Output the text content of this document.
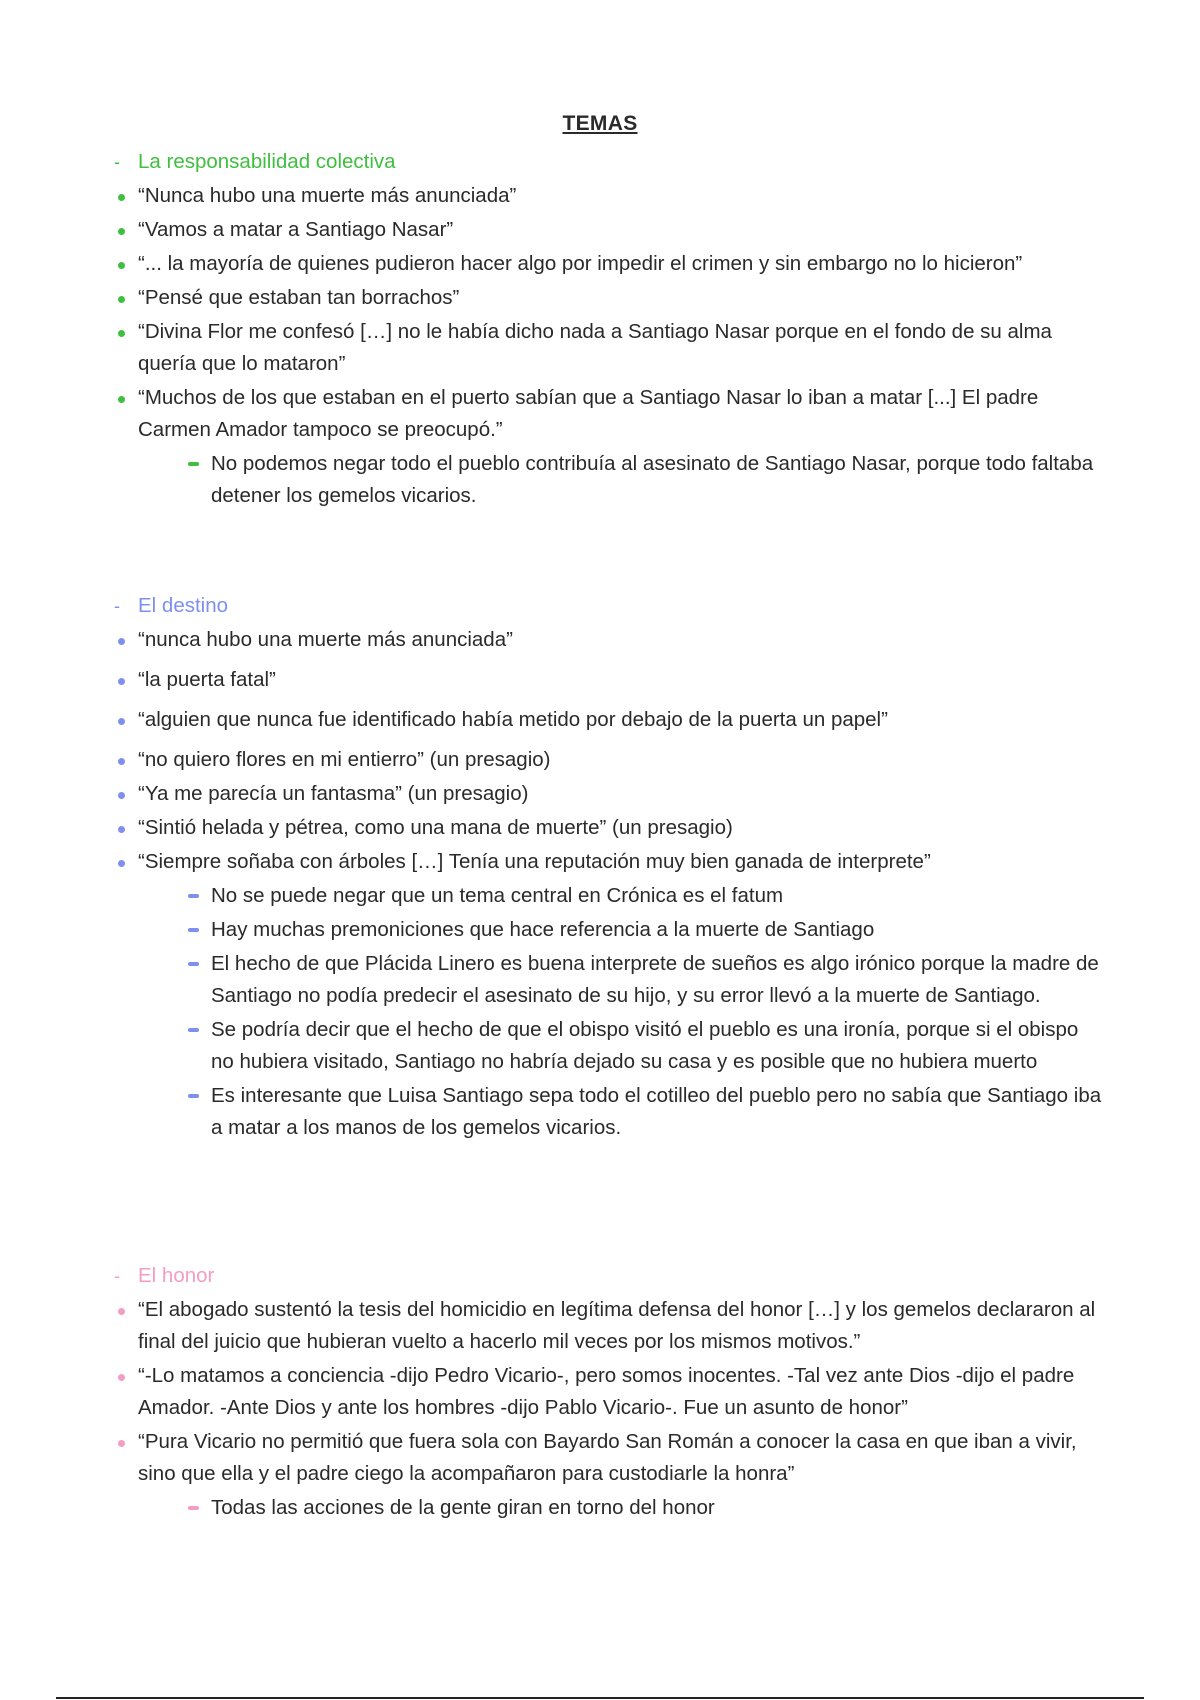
TEMAS
- La responsabilidad colectiva
“Nunca hubo una muerte más anunciada”
“Vamos a matar a Santiago Nasar”
“... la mayoría de quienes pudieron hacer algo por impedir el crimen y sin embargo no lo hicieron”
“Pensé que estaban tan borrachos”
“Divina Flor me confesó […] no le había dicho nada a Santiago Nasar porque en el fondo de su alma quería que lo mataron”
“Muchos de los que estaban en el puerto sabían que a Santiago Nasar lo iban a matar [...] El padre Carmen Amador tampoco se preocupó.”
No podemos negar todo el pueblo contribuía al asesinato de Santiago Nasar, porque todo faltaba detener los gemelos vicarios.
- El destino
“nunca hubo una muerte más anunciada”
“la puerta fatal”
“alguien que nunca fue identificado había metido por debajo de la puerta un papel”
“no quiero flores en mi entierro” (un presagio)
“Ya me parecía un fantasma” (un presagio)
“Sintió helada y pétrea, como una mana de muerte” (un presagio)
“Siempre soñaba con árboles […] Tenía una reputación muy bien ganada de interprete”
No se puede negar que un tema central en Crónica es el fatum
Hay muchas premoniciones que hace referencia a la muerte de Santiago
El hecho de que Plácida Linero es buena interprete de sueños es algo irónico porque la madre de Santiago no podía predecir el asesinato de su hijo, y su error llevó a la muerte de Santiago.
Se podría decir que el hecho de que el obispo visitó el pueblo es una ironía, porque si el obispo no hubiera visitado, Santiago no habría dejado su casa y es posible que no hubiera muerto
Es interesante que Luisa Santiago sepa todo el cotilleo del pueblo pero no sabía que Santiago iba a matar a los manos de los gemelos vicarios.
- El honor
“El abogado sustentó la tesis del homicidio en legítima defensa del honor […] y los gemelos declararon al final del juicio que hubieran vuelto a hacerlo mil veces por los mismos motivos.”
“-Lo matamos a conciencia -dijo Pedro Vicario-, pero somos inocentes. -Tal vez ante Dios -dijo el padre Amador. -Ante Dios y ante los hombres -dijo Pablo Vicario-. Fue un asunto de honor”
“Pura Vicario no permitió que fuera sola con Bayardo San Román a conocer la casa en que iban a vivir, sino que ella y el padre ciego la acompañaron para custodiarle la honra”
Todas las acciones de la gente giran en torno del honor
